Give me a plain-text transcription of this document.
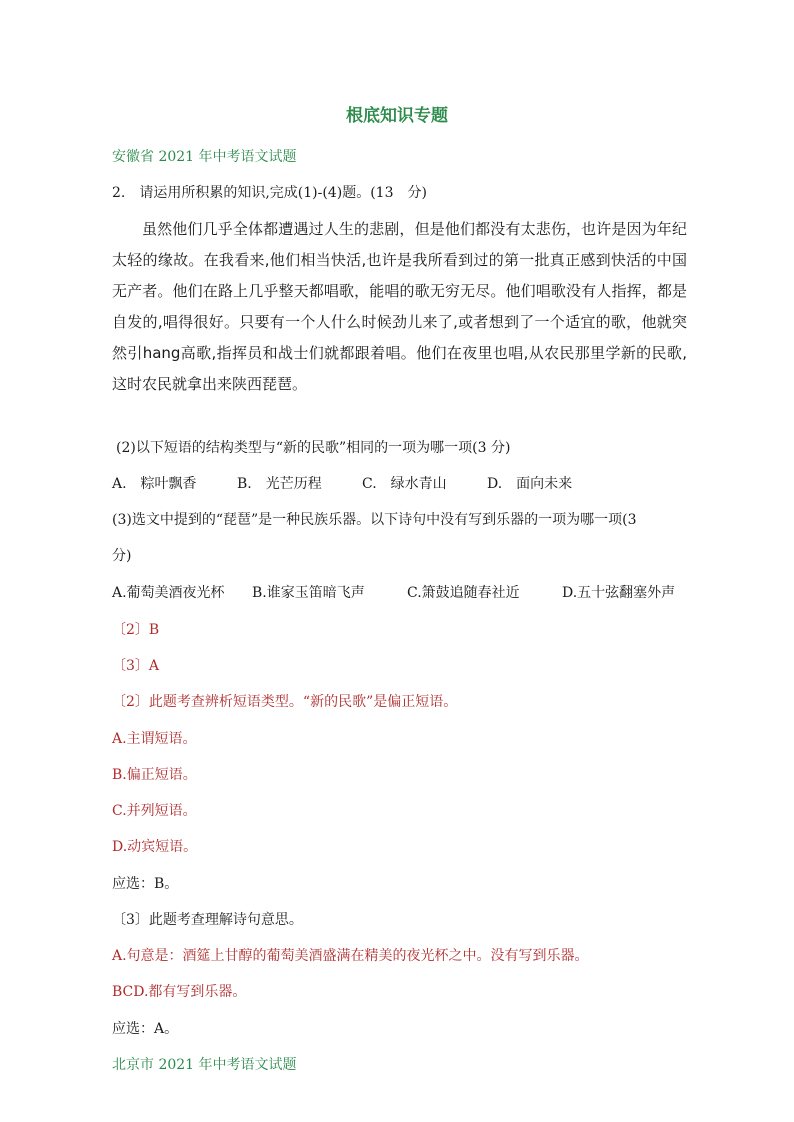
根底知识专题
安徽省 2021 年中考语文试题
2.　请运用所积累的知识,完成(1)-(4)题。(13　分)

虽然他们几乎全体都遭遇过人生的悲剧，但是他们都没有太悲伤，也许是因为年纪太轻的缘故。在我看来,他们相当快活,也许是我所看到过的第一批真正感到快活的中国无产者。他们在路上几乎整天都唱歌，能唱的歌无穷无尽。他们唱歌没有人指挥，都是自发的,唱得很好。只要有一个人什么时候劲儿来了,或者想到了一个适宜的歌，他就突然引hang高歌,指挥员和战士们就都跟着唱。他们在夜里也唱,从农民那里学新的民歌,这时农民就拿出来陕西琵琶。

(2)以下短语的结构类型与“新的民歌”相同的一项为哪一项(3 分)
A.　粽叶飘香	B.　光芒历程	C.　绿水青山	D.　面向未来
(3)选文中提到的“琵琶”是一种民族乐器。以下诗句中没有写到乐器的一项为哪一项(3
分)
A.葡萄美酒夜光杯 B.谁家玉笛暗飞声	C.箫鼓追随春社近	D.五十弦翻塞外声
〔2〕B
〔3〕A
〔2〕此题考查辨析短语类型。“新的民歌”是偏正短语。
A.主谓短语。
B.偏正短语。
C.并列短语。
D.动宾短语。
应选：B。
〔3〕此题考查理解诗句意思。
A.句意是：酒筵上甘醇的葡萄美酒盛满在精美的夜光杯之中。没有写到乐器。
BCD.都有写到乐器。
应选：A。
北京市 2021 年中考语文试题
